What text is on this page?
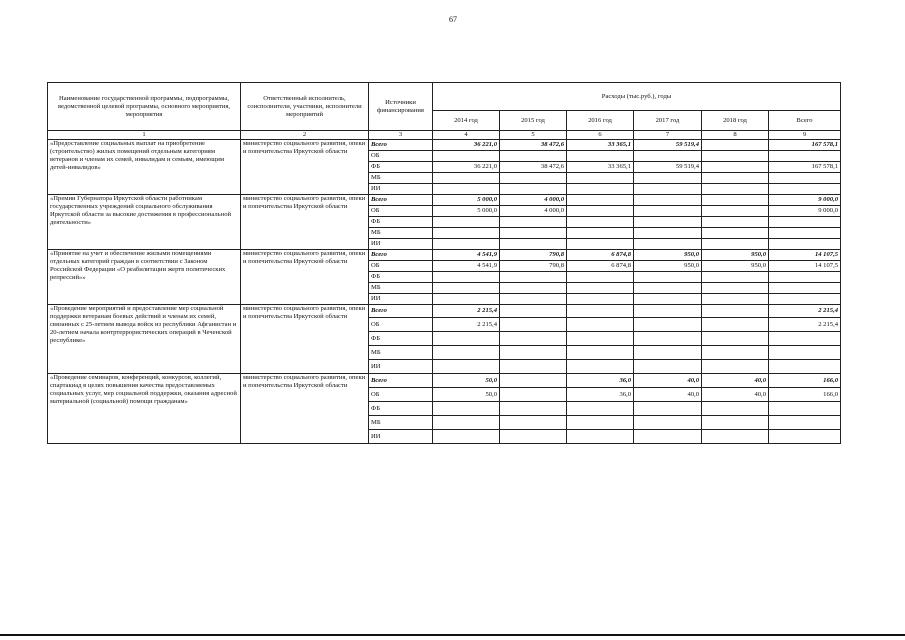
67
Наименование государственной программы, подпрограммы, ведомственной целевой программы, основного мероприятия, мероприятия	Ответственный исполнитель, соисполнители, участники, исполнители мероприятий	Источники финансирования	Расходы (тыс.руб.), годы					
			2014 год	2015 год	2016 год	2017 год	2018 год	Всего
1	2	3	4	5	6	7	8	9
«Предоставление социальных выплат на приобретение (строительство) жилых помещений отдельным категориям ветеранов и членам их семей, инвалидам и семьям, имеющим детей-инвалидов»	министерство социального развития, опеки и попечительства Иркутской области	Всего	36 221,0	38 472,6	33 365,1	59 519,4		167 578,1
		ОБ						
		ФБ	36 221,0	38 472,6	33 365,1	59 519,4		167 578,1
		МБ						
		ИИ						
«Премии Губернатора Иркутской области работникам государственных учреждений социального обслуживания Иркутской области за высокие достижения в профессиональной деятельности»	министерство социального развития, опеки и попечительства Иркутской области	Всего	5 000,0	4 000,0				9 000,0
		ОБ	5 000,0	4 000,0				9 000,0
		ФБ						
		МБ						
		ИИ						
«Принятие на учет и обеспечение жилыми помещениями отдельных категорий граждан в соответствии с Законом Российской Федерации «О реабилитации жертв политических репрессий»»	министерство социального развития, опеки и попечительства Иркутской области	Всего	4 541,9	790,8	6 874,8	950,0	950,0	14 107,5
		ОБ	4 541,9	790,8	6 874,8	950,0	950,0	14 107,5
		ФБ						
		МБ						
		ИИ						
«Проведение мероприятий и предоставление мер социальной поддержки ветеранам боевых действий и членам их семей, связанных с 25-летием вывода войск из республики Афганистан и 20-летием начала контртеррористических операций в Чеченской республике»	министерство социального развития, опеки и попечительства Иркутской области	Всего	2 215,4					2 215,4
		ОБ	2 215,4					2 215,4
		ФБ						
		МБ						
		ИИ						
«Проведение семинаров, конференций, конкурсов, коллегий, спартакиад в целях повышения качества предоставляемых социальных услуг, мер социальной поддержки, оказания адресной материальной (социальной) помощи гражданам»	министерство социального развития, опеки и попечительства Иркутской области	Всего	50,0		36,0	40,0	40,0	166,0
		ОБ	50,0		36,0	40,0	40,0	166,0
		ФБ						
		МБ						
		ИИ						
